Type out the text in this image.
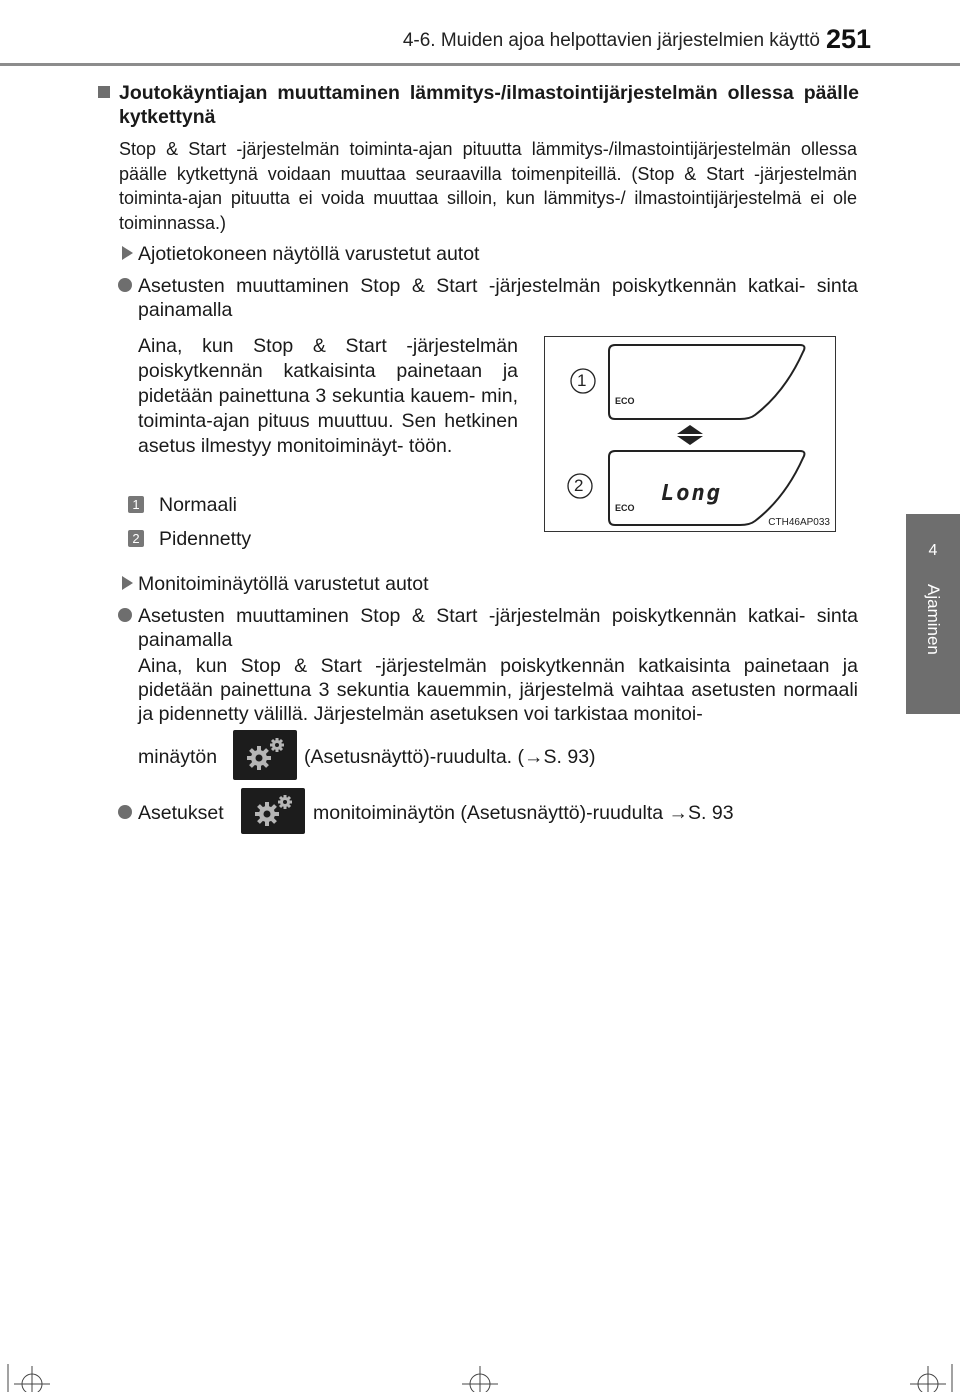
4-6. Muiden ajoa helpottavien järjestelmien käyttö 251
4
Ajaminen
Joutokäyntiajan muuttaminen lämmitys-/ilmastointijärjestelmän ollessa päälle kytkettynä
Stop & Start -järjestelmän toiminta-ajan pituutta lämmitys-/ilmastointijärjestelmän ollessa päälle kytkettynä voidaan muuttaa seuraavilla toimenpiteillä. (Stop & Start -järjestelmän toiminta-ajan pituutta ei voida muuttaa silloin, kun lämmitys-/ ilmastointijärjestelmä ei ole toiminnassa.)
Ajotietokoneen näytöllä varustetut autot
Asetusten muuttaminen Stop & Start -järjestelmän poiskytkennän katkai- sinta painamalla
Aina, kun Stop & Start -järjestelmän poiskytkennän katkaisinta painetaan ja pidetään painettuna 3 sekuntia kauem- min, toiminta-ajan pituus muuttuu. Sen hetkinen asetus ilmestyy monitoiminäyt- töön.
1 Normaali
2 Pidennetty
1
ECO
2
ECO
Long
CTH46AP033
Monitoiminäytöllä varustetut autot
Asetusten muuttaminen Stop & Start -järjestelmän poiskytkennän katkai- sinta painamalla
Aina, kun Stop & Start -järjestelmän poiskytkennän katkaisinta painetaan ja pidetään painettuna 3 sekuntia kauemmin, järjestelmä vaihtaa asetusten normaali ja pidennetty välillä. Järjestelmän asetuksen voi tarkistaa monitoi-
minäytön	(Asetusnäyttö)-ruudulta. (→S. 93)
Asetukset	monitoiminäytön (Asetusnäyttö)-ruudulta →S. 93
